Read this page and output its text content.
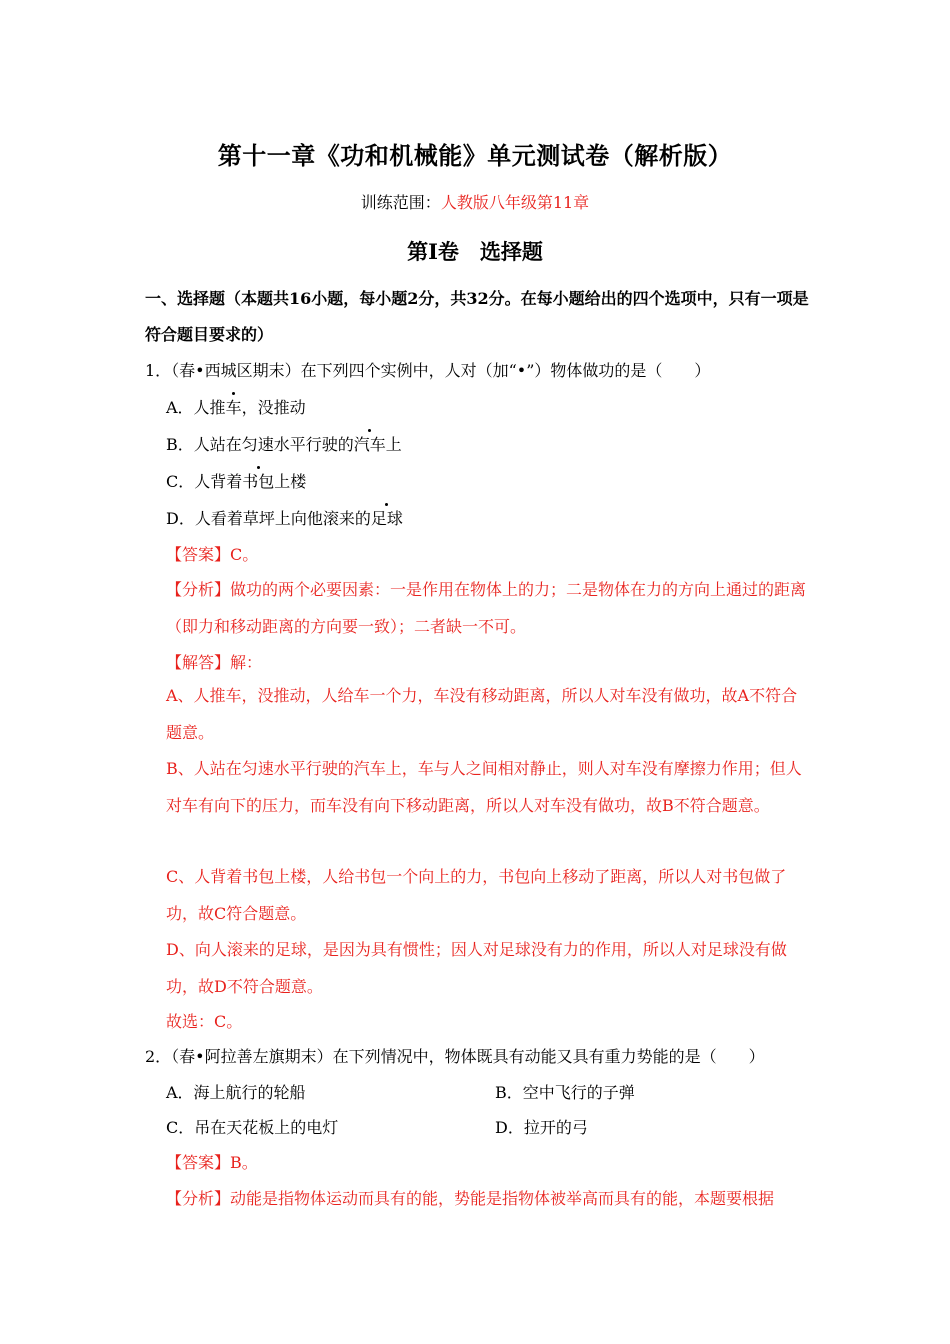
第十一章《功和机械能》单元测试卷（解析版）
训练范围：人教版八年级第11章
第Ⅰ卷　选择题
一、选择题（本题共16小题，每小题2分，共32分。在每小题给出的四个选项中，只有一项是符合题目要求的）
1．（春•西城区期末）在下列四个实例中，人对（加“•”）物体做功的是（　　）
A．人推车，没推动
B．人站在匀速水平行驶的汽车上
C．人背着书包上楼
D．人看着草坪上向他滚来的足球
【答案】C。
【分析】做功的两个必要因素：一是作用在物体上的力；二是物体在力的方向上通过的距离（即力和移动距离的方向要一致）；二者缺一不可。
【解答】解：
A、人推车，没推动，人给车一个力，车没有移动距离，所以人对车没有做功，故A不符合题意。
B、人站在匀速水平行驶的汽车上，车与人之间相对静止，则人对车没有摩擦力作用；但人对车有向下的压力，而车没有向下移动距离，所以人对车没有做功，故B不符合题意。
C、人背着书包上楼，人给书包一个向上的力，书包向上移动了距离，所以人对书包做了功，故C符合题意。
D、向人滚来的足球，是因为具有惯性；因人对足球没有力的作用，所以人对足球没有做功，故D不符合题意。
故选：C。
2．（春•阿拉善左旗期末）在下列情况中，物体既具有动能又具有重力势能的是（　　）
A．海上航行的轮船	B．空中飞行的子弹
C．吊在天花板上的电灯	D．拉开的弓
【答案】B。
【分析】动能是指物体运动而具有的能，势能是指物体被举高而具有的能，本题要根据
